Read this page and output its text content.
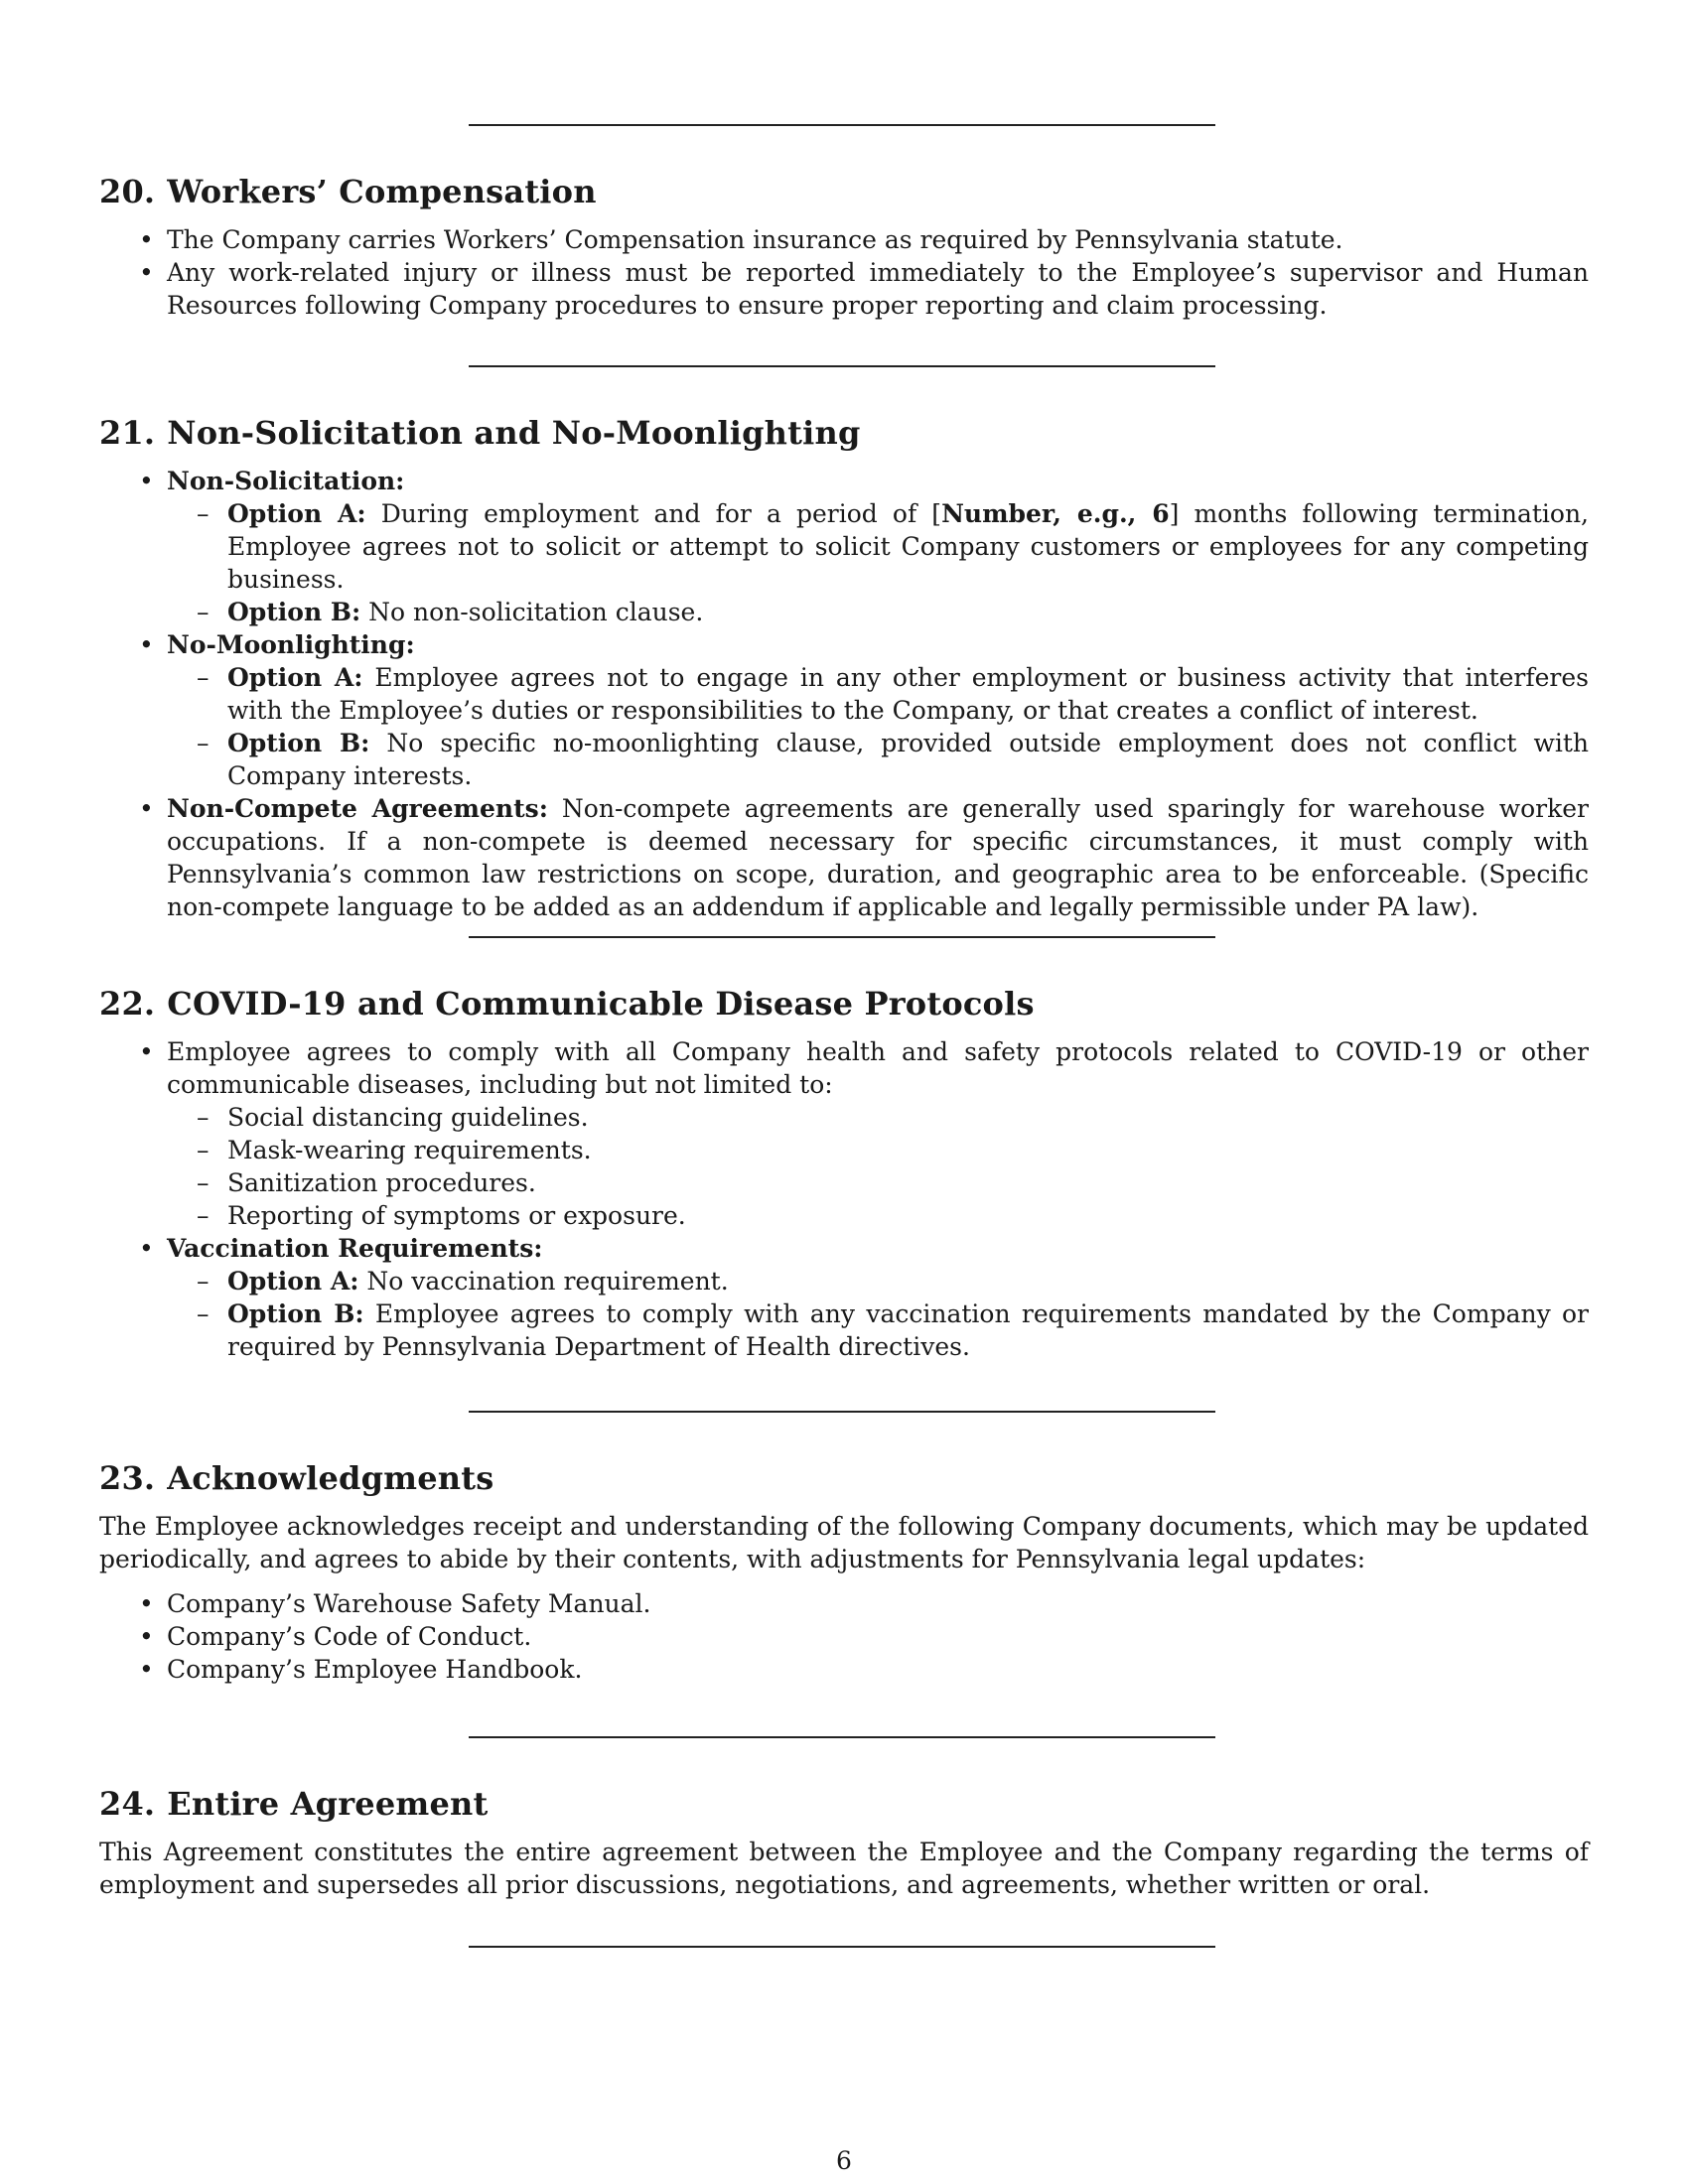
20. Workers’ Compensation
• The Company carries Workers’ Compensation insurance as required by Pennsylvania statute.
• Any work-related injury or illness must be reported immediately to the Employee’s supervisor and Human Resources following Company procedures to ensure proper reporting and claim processing.
21. Non-Solicitation and No-Moonlighting
• Non-Solicitation:
– Option A: During employment and for a period of [Number, e.g., 6] months following termination, Employee agrees not to solicit or attempt to solicit Company customers or employees for any competing business.
– Option B: No non-solicitation clause.
• No-Moonlighting:
– Option A: Employee agrees not to engage in any other employment or business activity that interferes with the Employee’s duties or responsibilities to the Company, or that creates a conflict of interest.
– Option B: No specific no-moonlighting clause, provided outside employment does not conflict with Company interests.
• Non-Compete Agreements: Non-compete agreements are generally used sparingly for warehouse worker occupations. If a non-compete is deemed necessary for specific circumstances, it must comply with Pennsylvania’s common law restrictions on scope, duration, and geographic area to be enforceable. (Specific non-compete language to be added as an addendum if applicable and legally permissible under PA law).
22. COVID-19 and Communicable Disease Protocols
• Employee agrees to comply with all Company health and safety protocols related to COVID-19 or other communicable diseases, including but not limited to:
– Social distancing guidelines.
– Mask-wearing requirements.
– Sanitization procedures.
– Reporting of symptoms or exposure.
• Vaccination Requirements:
– Option A: No vaccination requirement.
– Option B: Employee agrees to comply with any vaccination requirements mandated by the Company or required by Pennsylvania Department of Health directives.
23. Acknowledgments

The Employee acknowledges receipt and understanding of the following Company documents, which may be updated periodically, and agrees to abide by their contents, with adjustments for Pennsylvania legal updates:

• Company’s Warehouse Safety Manual.
• Company’s Code of Conduct.
• Company’s Employee Handbook.
24. Entire Agreement

This Agreement constitutes the entire agreement between the Employee and the Company regarding the terms of employment and supersedes all prior discussions, negotiations, and agreements, whether written or oral.

6
